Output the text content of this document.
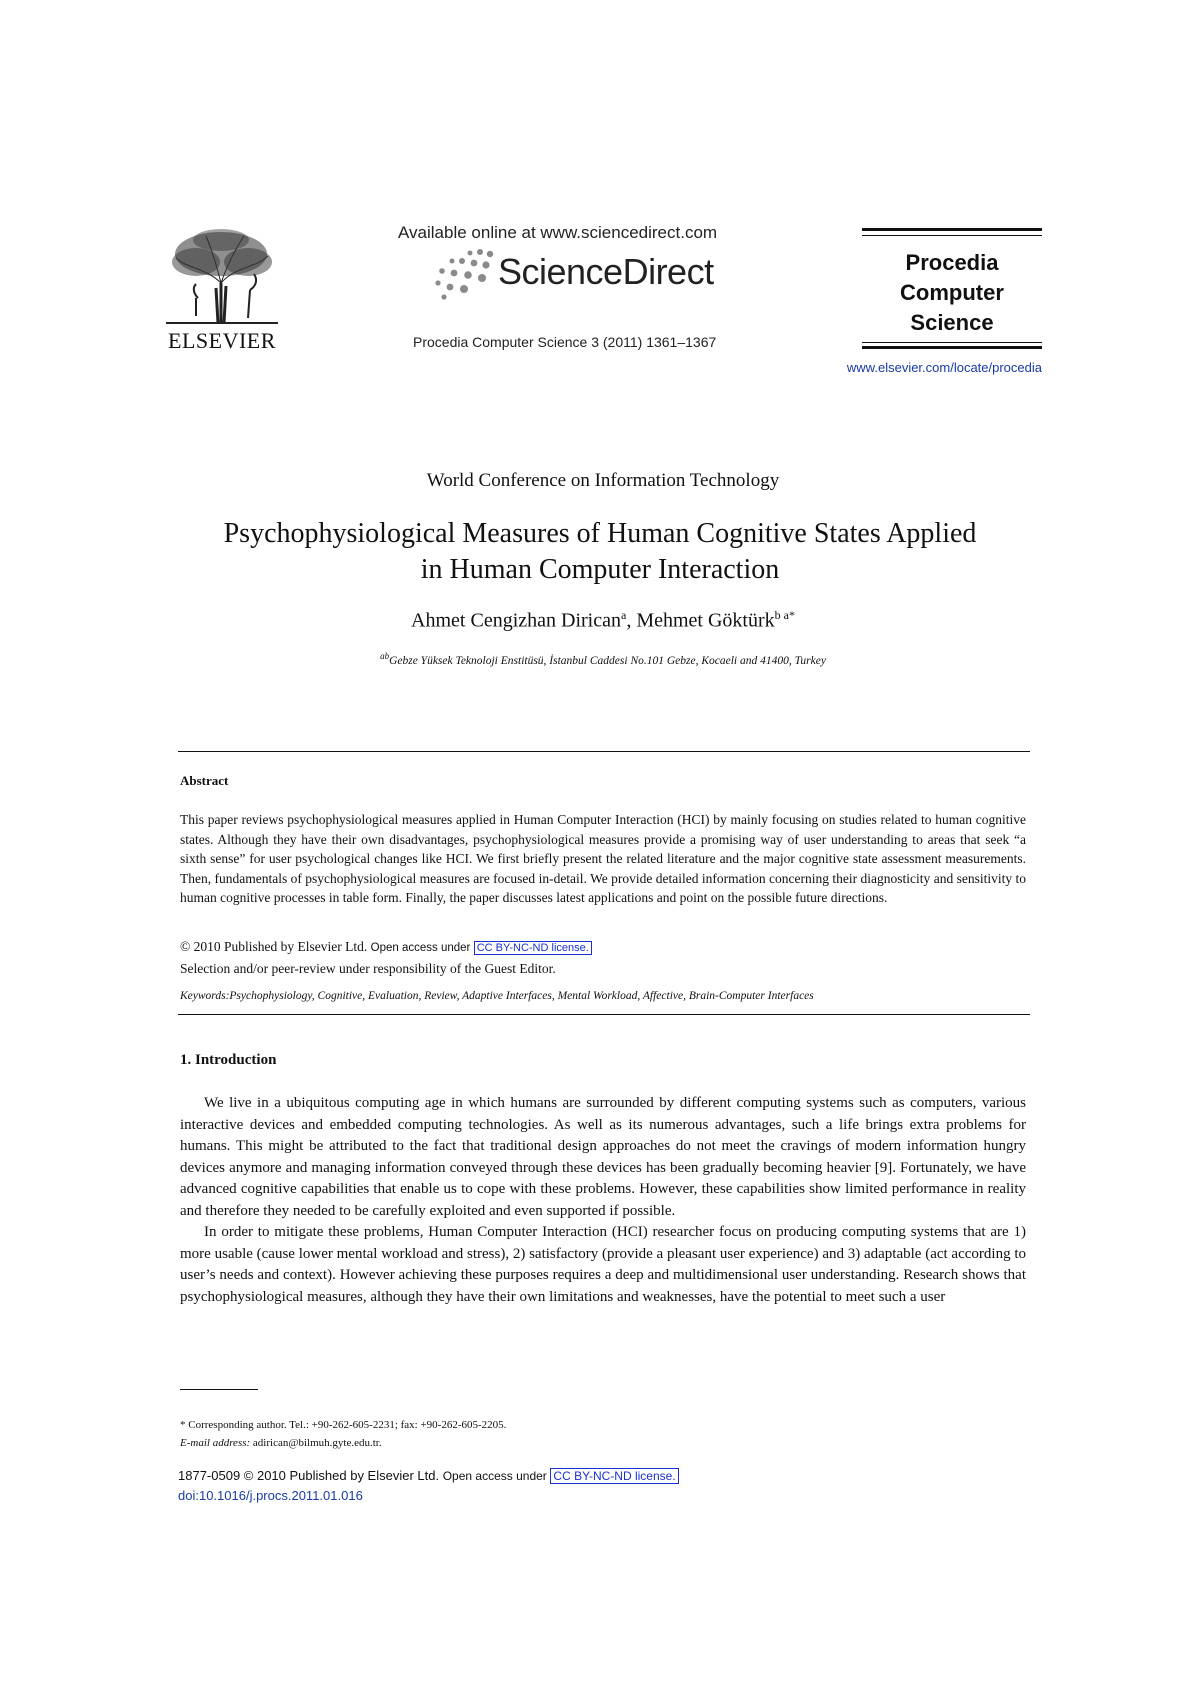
ELSEVIER
Available online at www.sciencedirect.com
ScienceDirect
Procedia Computer Science 3 (2011) 1361–1367
Procedia
Computer
Science
www.elsevier.com/locate/procedia
World Conference on Information Technology
Psychophysiological Measures of Human Cognitive States Applied
in Human Computer Interaction
Ahmet Cengizhan Dirican$^a$, Mehmet Göktürk$^{b a*}$
$^{ab}$Gebze Yüksek Teknoloji Enstitüsü, İstanbul Caddesi No.101 Gebze, Kocaeli and 41400, Turkey
Abstract
This paper reviews psychophysiological measures applied in Human Computer Interaction (HCI) by mainly focusing on studies related to human cognitive states. Although they have their own disadvantages, psychophysiological measures provide a promising way of user understanding to areas that seek “a sixth sense” for user psychological changes like HCI. We first briefly present the related literature and the major cognitive state assessment measurements. Then, fundamentals of psychophysiological measures are focused in-detail. We provide detailed information concerning their diagnosticity and sensitivity to human cognitive processes in table form. Finally, the paper discusses latest applications and point on the possible future directions.
© 2010 Published by Elsevier Ltd. Open access under CC BY-NC-ND license.
Selection and/or peer-review under responsibility of the Guest Editor.
Keywords:Psychophysiology, Cognitive, Evaluation, Review, Adaptive Interfaces, Mental Workload, Affective, Brain-Computer Interfaces
1. Introduction

We live in a ubiquitous computing age in which humans are surrounded by different computing systems such as computers, various interactive devices and embedded computing technologies. As well as its numerous advantages, such a life brings extra problems for humans. This might be attributed to the fact that traditional design approaches do not meet the cravings of modern information hungry devices anymore and managing information conveyed through these devices has been gradually becoming heavier [9]. Fortunately, we have advanced cognitive capabilities that enable us to cope with these problems. However, these capabilities show limited performance in reality and therefore they needed to be carefully exploited and even supported if possible.

In order to mitigate these problems, Human Computer Interaction (HCI) researcher focus on producing computing systems that are 1) more usable (cause lower mental workload and stress), 2) satisfactory (provide a pleasant user experience) and 3) adaptable (act according to user’s needs and context). However achieving these purposes requires a deep and multidimensional user understanding. Research shows that psychophysiological measures, although they have their own limitations and weaknesses, have the potential to meet such a user

* Corresponding author. Tel.: +90-262-605-2231; fax: +90-262-605-2205.
E-mail address: adirican@bilmuh.gyte.edu.tr.
1877-0509 © 2010 Published by Elsevier Ltd. Open access under CC BY-NC-ND license.
doi:10.1016/j.procs.2011.01.016
